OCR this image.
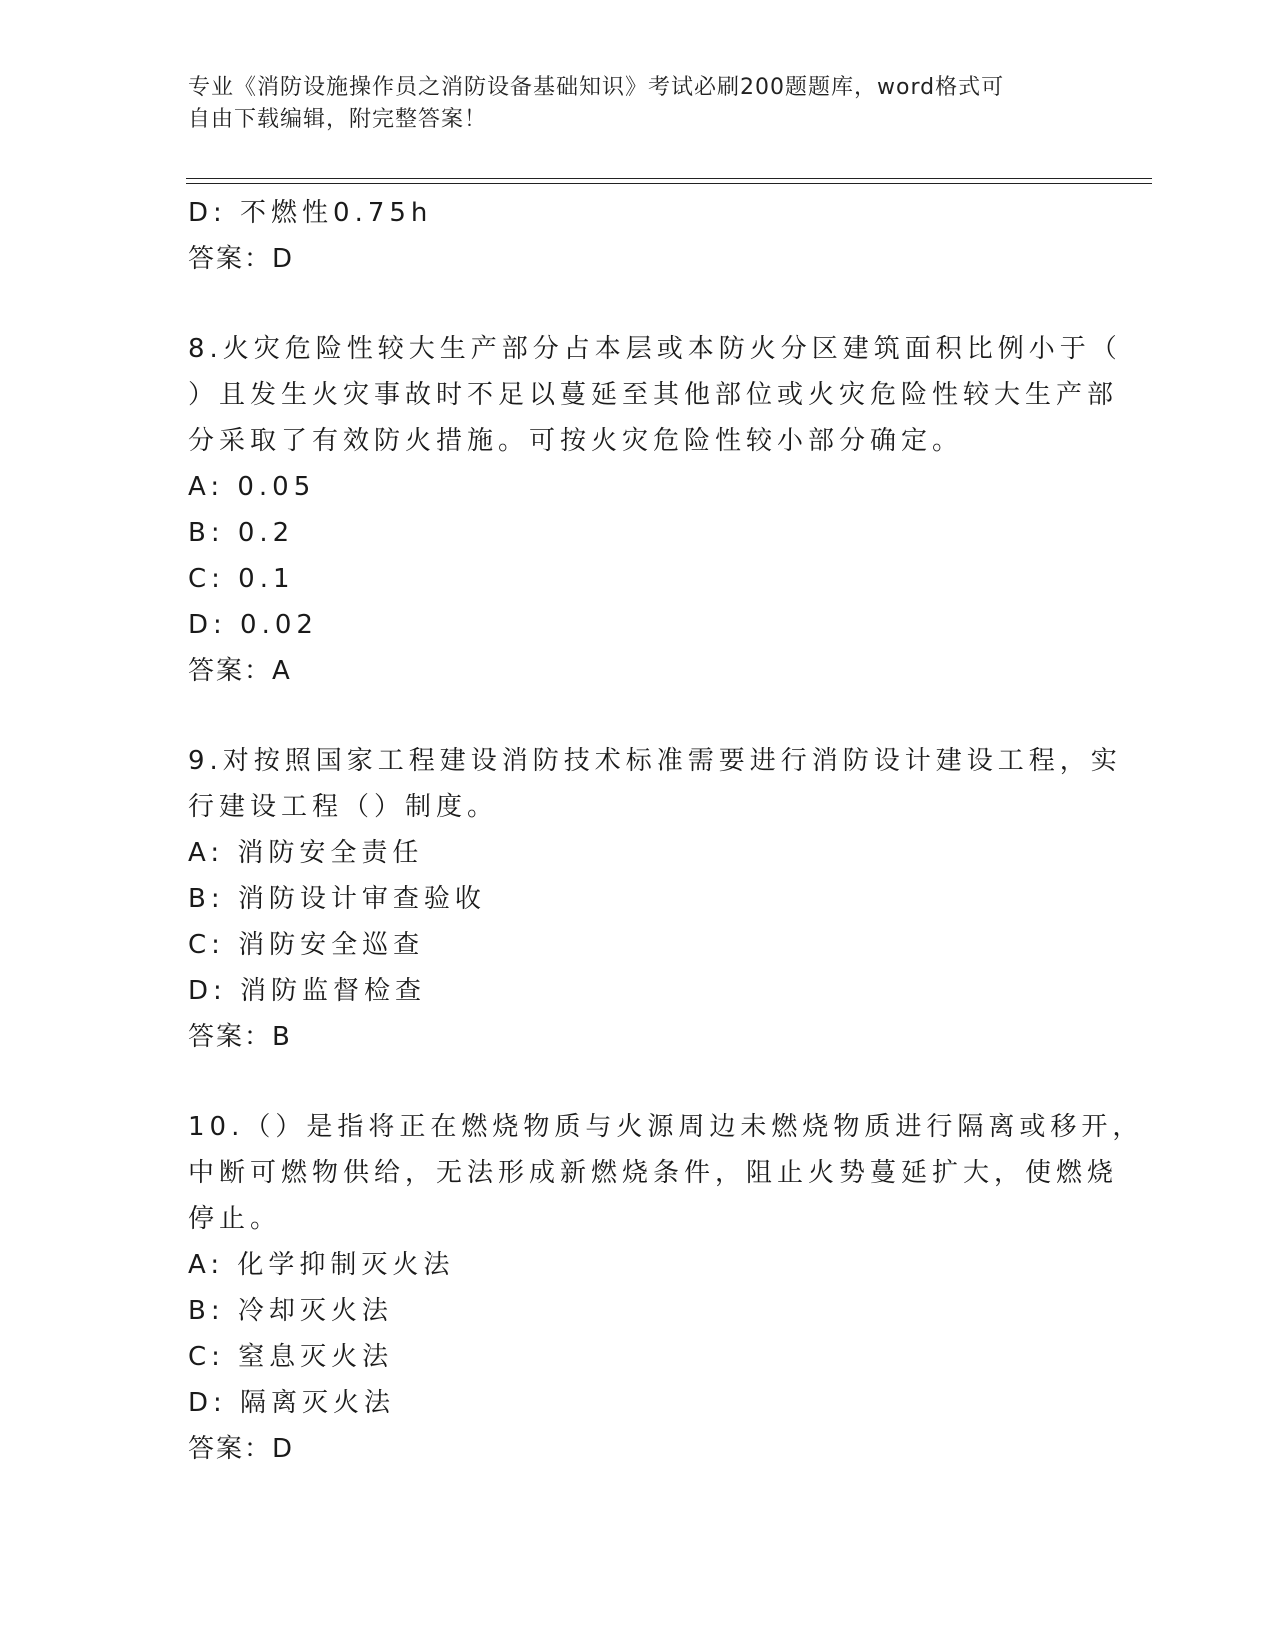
专业《消防设施操作员之消防设备基础知识》考试必刷200题题库，word格式可
自由下载编辑，附完整答案！
D: 不燃性0.75h
答案：D
8.火灾危险性较大生产部分占本层或本防火分区建筑面积比例小于（
）且发生火灾事故时不足以蔓延至其他部位或火灾危险性较大生产部
分采取了有效防火措施。可按火灾危险性较小部分确定。
A: 0.05
B: 0.2
C: 0.1
D: 0.02
答案：A
9.对按照国家工程建设消防技术标准需要进行消防设计建设工程，实
行建设工程（）制度。
A: 消防安全责任
B: 消防设计审查验收
C: 消防安全巡查
D: 消防监督检查
答案：B
10.（）是指将正在燃烧物质与火源周边未燃烧物质进行隔离或移开，
中断可燃物供给，无法形成新燃烧条件，阻止火势蔓延扩大，使燃烧
停止。
A: 化学抑制灭火法
B: 冷却灭火法
C: 窒息灭火法
D: 隔离灭火法
答案：D
